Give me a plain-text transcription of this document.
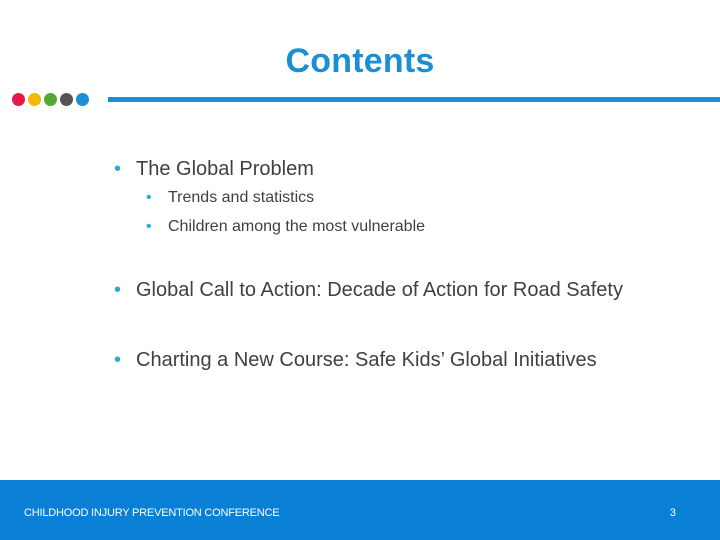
Contents
• The Global Problem
• Trends and statistics
• Children among the most vulnerable
• Global Call to Action: Decade of Action for Road Safety
• Charting a New Course: Safe Kids’ Global Initiatives
CHILDHOOD INJURY PREVENTION CONFERENCE	3
